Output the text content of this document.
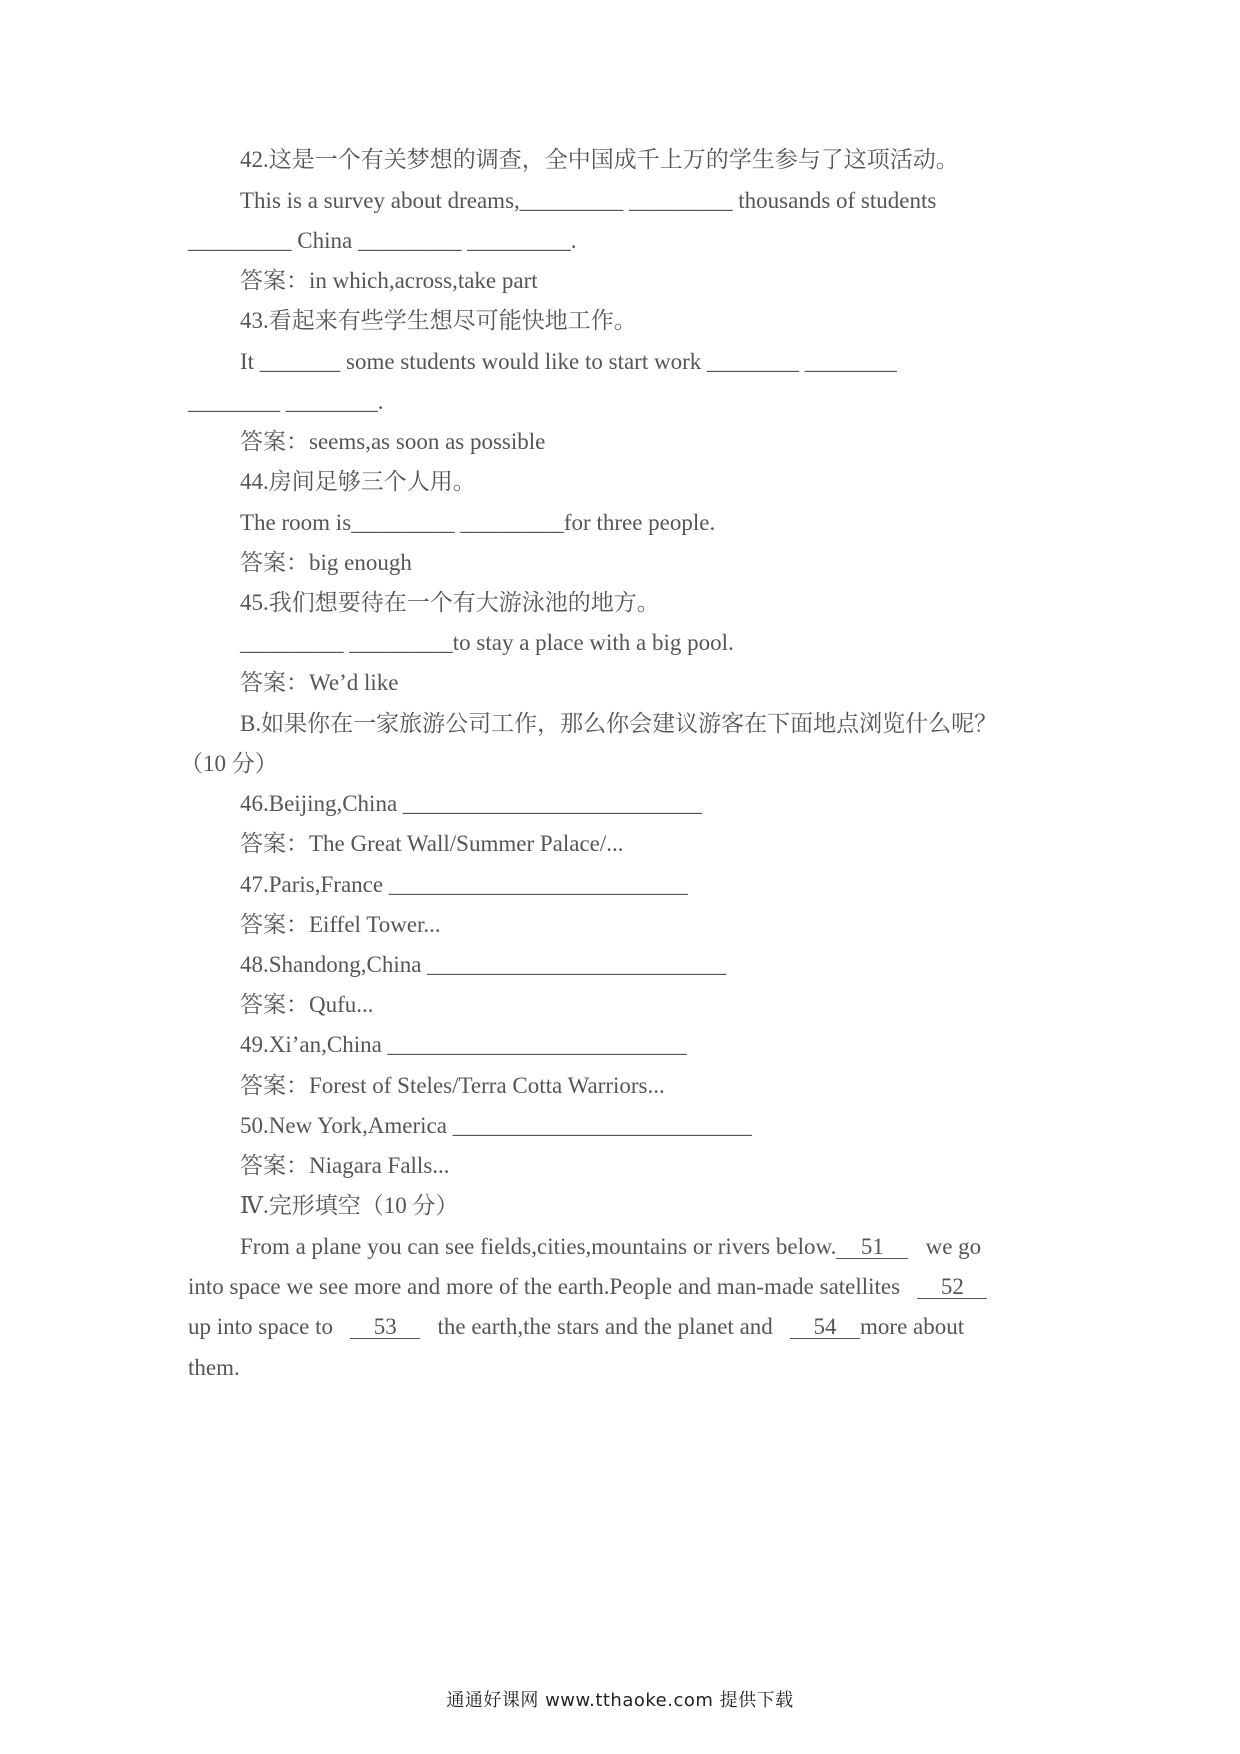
42.这是一个有关梦想的调查，全中国成千上万的学生参与了这项活动。
This is a survey about dreams,_________ _________ thousands of students
_________ China _________ _________.
答案：in which,across,take part
43.看起来有些学生想尽可能快地工作。
It _______ some students would like to start work ________ ________
________ ________.
答案：seems,as soon as possible
44.房间足够三个人用。
The room is_________ _________for three people.
答案：big enough
45.我们想要待在一个有大游泳池的地方。
_________ _________to stay a place with a big pool.
答案：We’d like
B.如果你在一家旅游公司工作，那么你会建议游客在下面地点浏览什么呢？
（10 分）
46.Beijing,China __________________________
答案：The Great Wall/Summer Palace/...
47.Paris,France __________________________
答案：Eiffel Tower...
48.Shandong,China __________________________
答案：Qufu...
49.Xi’an,China __________________________
答案：Forest of Steles/Terra Cotta Warriors...
50.New York,America __________________________
答案：Niagara Falls...
Ⅳ.完形填空（10 分）
From a plane you can see fields,cities,mountains or rivers below. 51 we go
into space we see more and more of the earth.People and man-made satellites 52
up into space to 53 the earth,the stars and the planet and 54 more about
them.
通通好课网 www.tthaoke.com 提供下载
